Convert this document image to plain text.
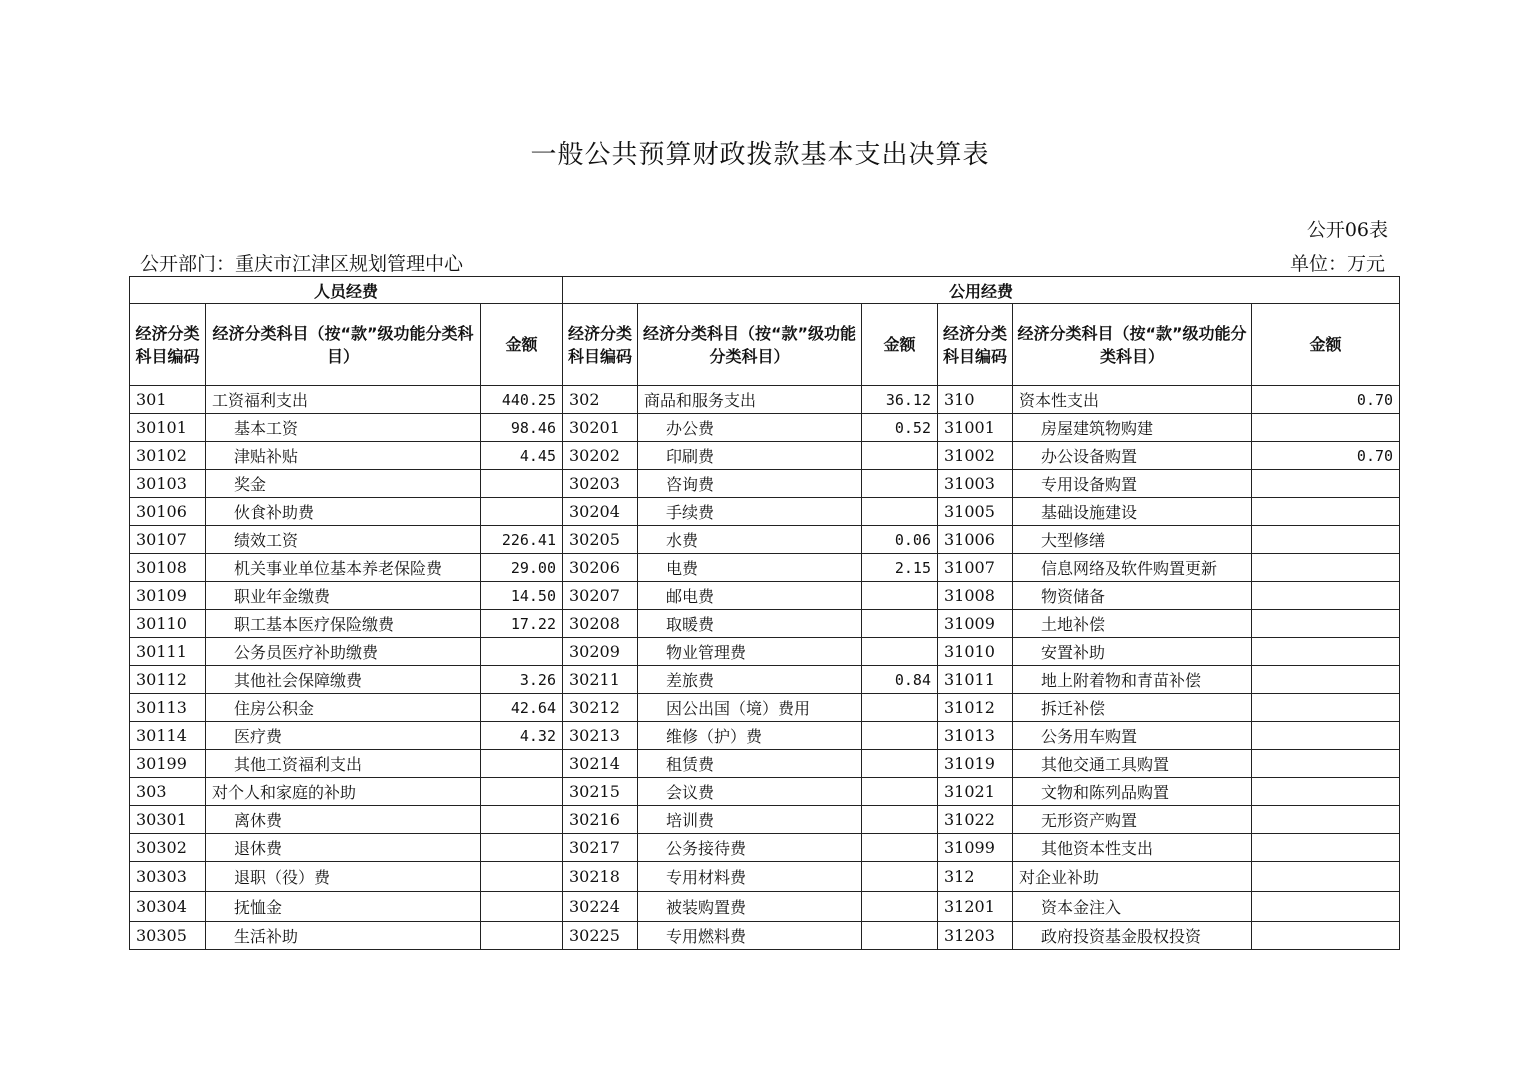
一般公共预算财政拨款基本支出决算表
公开06表
公开部门：重庆市江津区规划管理中心	单位：万元
人员经费			公用经费					
经济分类科目编码	经济分类科目（按“款”级功能分类科目）	金额	经济分类科目编码	经济分类科目（按“款”级功能分类科目）	金额	经济分类科目编码	经济分类科目（按“款”级功能分类科目）	金额
301	工资福利支出	440.25	302	商品和服务支出	36.12	310	资本性支出	0.70
30101	基本工资	98.46	30201	办公费	0.52	31001	房屋建筑物购建	
30102	津贴补贴	4.45	30202	印刷费		31002	办公设备购置	0.70
30103	奖金		30203	咨询费		31003	专用设备购置	
30106	伙食补助费		30204	手续费		31005	基础设施建设	
30107	绩效工资	226.41	30205	水费	0.06	31006	大型修缮	
30108	机关事业单位基本养老保险费	29.00	30206	电费	2.15	31007	信息网络及软件购置更新	
30109	职业年金缴费	14.50	30207	邮电费		31008	物资储备	
30110	职工基本医疗保险缴费	17.22	30208	取暖费		31009	土地补偿	
30111	公务员医疗补助缴费		30209	物业管理费		31010	安置补助	
30112	其他社会保障缴费	3.26	30211	差旅费	0.84	31011	地上附着物和青苗补偿	
30113	住房公积金	42.64	30212	因公出国（境）费用		31012	拆迁补偿	
30114	医疗费	4.32	30213	维修（护）费		31013	公务用车购置	
30199	其他工资福利支出		30214	租赁费		31019	其他交通工具购置	
303	对个人和家庭的补助		30215	会议费		31021	文物和陈列品购置	
30301	离休费		30216	培训费		31022	无形资产购置	
30302	退休费		30217	公务接待费		31099	其他资本性支出	
30303	退职（役）费		30218	专用材料费		312	对企业补助	
30304	抚恤金		30224	被装购置费		31201	资本金注入	
30305	生活补助		30225	专用燃料费		31203	政府投资基金股权投资	
